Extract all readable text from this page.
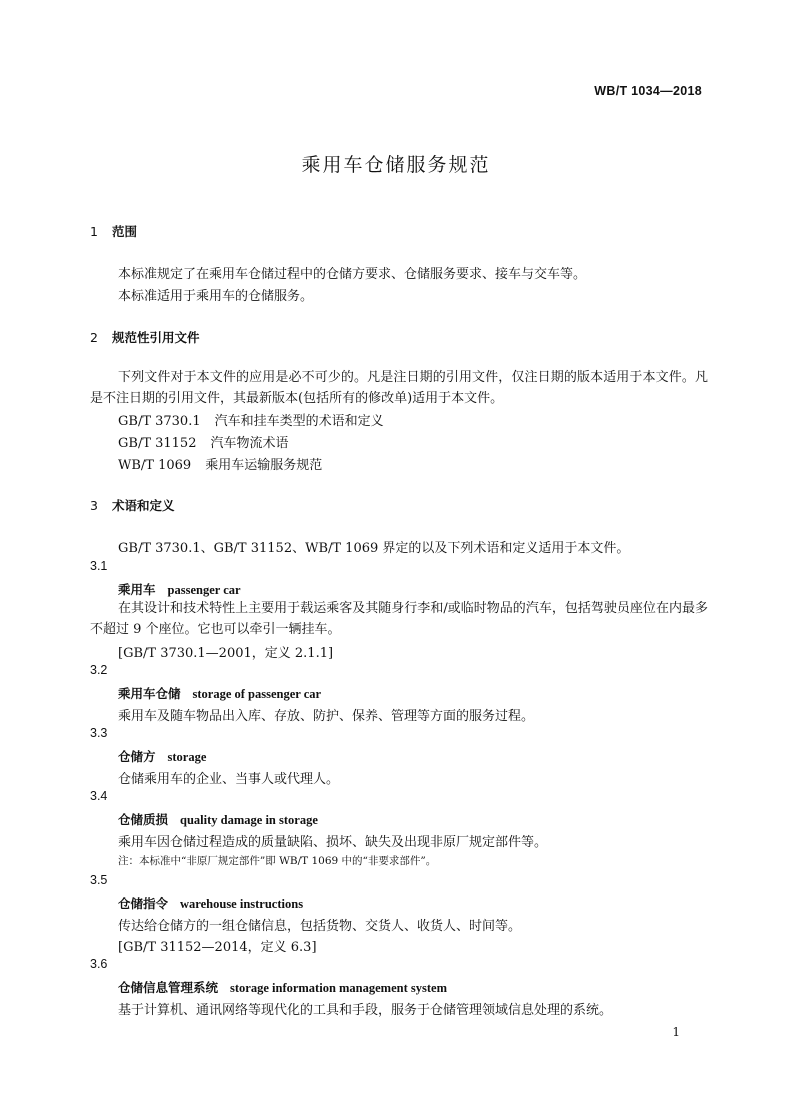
WB/T 1034—2018
乘用车仓储服务规范
1 范围
本标准规定了在乘用车仓储过程中的仓储方要求、仓储服务要求、接车与交车等。
本标准适用于乘用车的仓储服务。
2 规范性引用文件
下列文件对于本文件的应用是必不可少的。凡是注日期的引用文件，仅注日期的版本适用于本文件。凡是不注日期的引用文件，其最新版本(包括所有的修改单)适用于本文件。
GB/T 3730.1 汽车和挂车类型的术语和定义
GB/T 31152 汽车物流术语
WB/T 1069 乘用车运输服务规范
3 术语和定义
GB/T 3730.1、GB/T 31152、WB/T 1069 界定的以及下列术语和定义适用于本文件。
3.1
乘用车 passenger car
在其设计和技术特性上主要用于载运乘客及其随身行李和/或临时物品的汽车，包括驾驶员座位在内最多不超过 9 个座位。它也可以牵引一辆挂车。
[GB/T 3730.1—2001，定义 2.1.1]
3.2
乘用车仓储 storage of passenger car
乘用车及随车物品出入库、存放、防护、保养、管理等方面的服务过程。
3.3
仓储方 storage
仓储乘用车的企业、当事人或代理人。
3.4
仓储质损 quality damage in storage
乘用车因仓储过程造成的质量缺陷、损坏、缺失及出现非原厂规定部件等。
注：本标准中“非原厂规定部件”即 WB/T 1069 中的“非要求部件”。
3.5
仓储指令 warehouse instructions
传达给仓储方的一组仓储信息，包括货物、交货人、收货人、时间等。
[GB/T 31152—2014，定义 6.3]
3.6
仓储信息管理系统 storage information management system
基于计算机、通讯网络等现代化的工具和手段，服务于仓储管理领域信息处理的系统。
1
